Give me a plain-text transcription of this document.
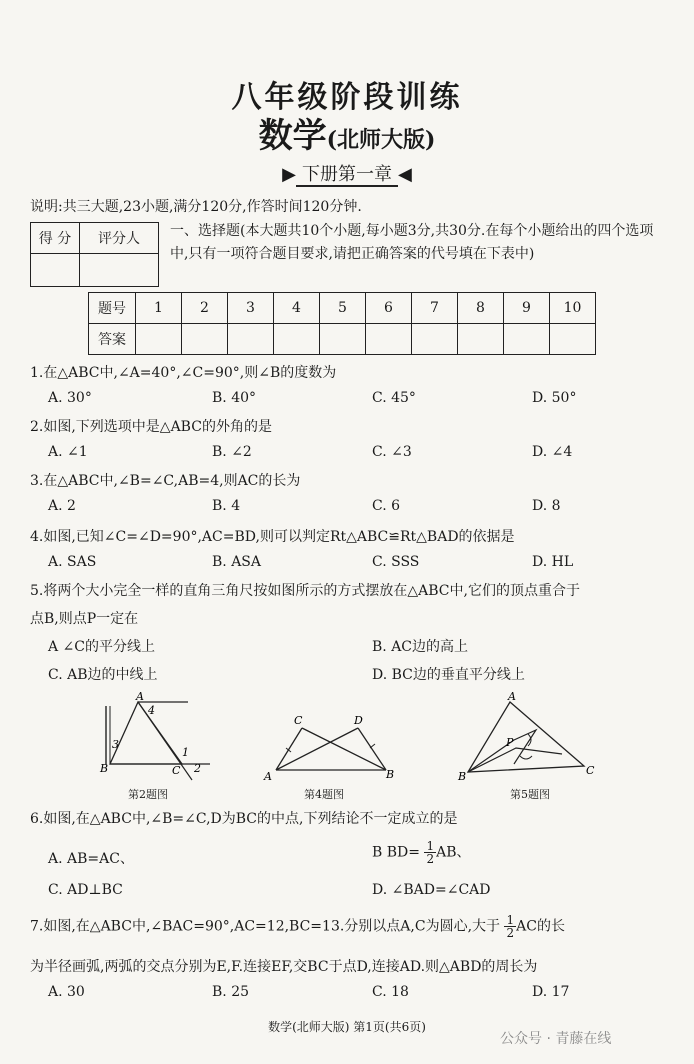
八年级阶段训练
数学(北师大版)
▶ 下册第一章 ◀
说明:共三大题,23小题,满分120分,作答时间120分钟.
得 分	评分人
	一、选择题(本大题共10个小题,每小题3分,共30分.在每个小题给出的四个选项中,只有一项符合题目要求,请把正确答案的代号填在下表中)
题号	1	2	3	4	5	6	7	8	9	10
答案										
1.在△ABC中,∠A=40°,∠C=90°,则∠B的度数为
A. 30°	B. 40°	C. 45°	D. 50°
2.如图,下列选项中是△ABC的外角的是
A. ∠1	B. ∠2	C. ∠3	D. ∠4
3.在△ABC中,∠B=∠C,AB=4,则AC的长为
A. 2	B. 4	C. 6	D. 8
4.如图,已知∠C=∠D=90°,AC=BD,则可以判定Rt△ABC≌Rt△BAD的依据是
A. SAS	B. ASA	C. SSS	D. HL
5.将两个大小完全一样的直角三角尺按如图所示的方式摆放在△ABC中,它们的顶点重合于
点B,则点P一定在
A ∠C的平分线上	B. AC边的高上
C. AB边的中线上	D. BC边的垂直平分线上
A
B	C
1
2
3
4
第2题图
A	B
C	D
第4题图
A
B	C
P
第5题图
6.如图,在△ABC中,∠B=∠C,D为BC的中点,下列结论不一定成立的是
A. AB=AC、	B $BD= \frac{1}{2}$ AB、
C. AD⊥BC	D. ∠BAD=∠CAD
7.如图,在△ABC中,∠BAC=90°,AC=12,BC=13.分别以点A,C为圆心,大于 $\frac{1}{2}$ AC的长
为半径画弧,两弧的交点分别为E,F.连接EF,交BC于点D,连接AD.则△ABD的周长为
A. 30	B. 25	C. 18	D. 17
数学(北师大版) 第1页(共6页)
公众号 · 青藤在线
